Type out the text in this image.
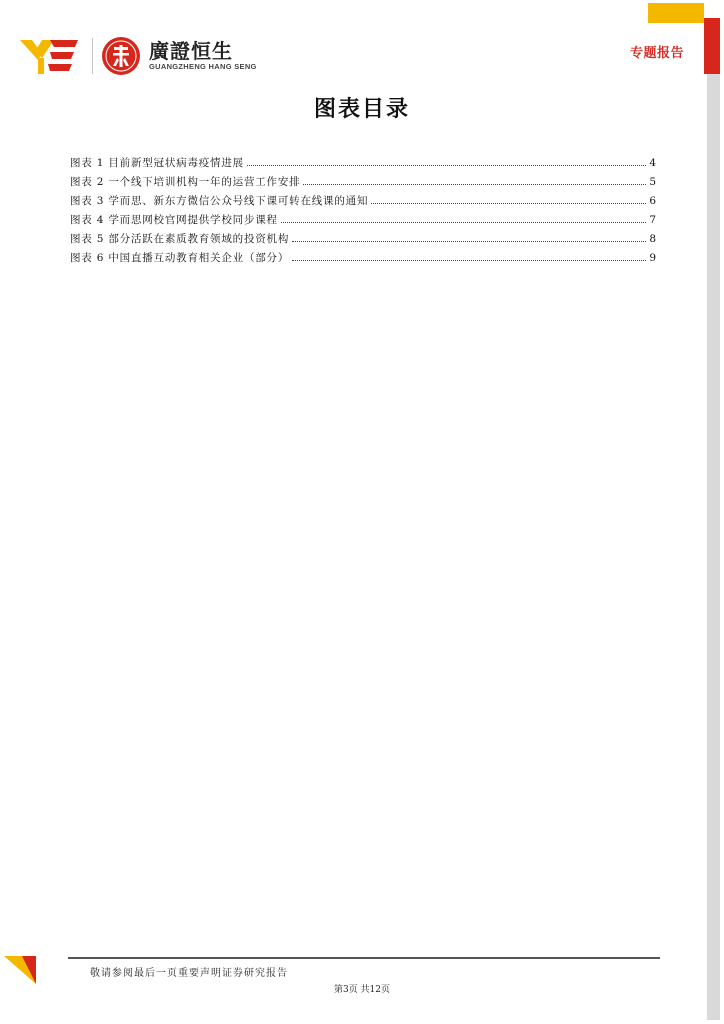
廣證恒生
GUANGZHENG HANG SENG
专题报告
图表目录
图表 1 目前新型冠状病毒疫情进展	4
图表 2 一个线下培训机构一年的运营工作安排	5
图表 3 学而思、新东方微信公众号线下课可转在线课的通知	6
图表 4 学而思网校官网提供学校同步课程	7
图表 5 部分活跃在素质教育领域的投资机构	8
图表 6 中国直播互动教育相关企业（部分）	9
敬请参阅最后一页重要声明证券研究报告
第3页 共12页
